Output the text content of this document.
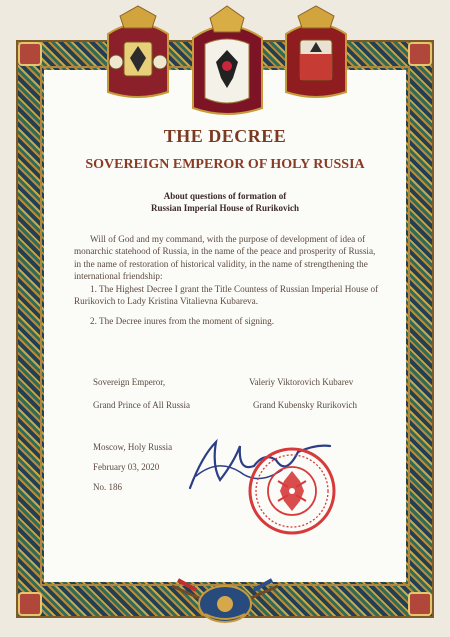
THE DECREE
SOVEREIGN EMPEROR OF HOLY RUSSIA
About questions of formation of
Russian Imperial House of Rurikovich
Will of God and my command, with the purpose of development of idea of monarchic statehood of Russia, in the name of the peace and prosperity of Russia, in the name of restoration of historical validity, in the name of strengthening the international friendship:
1. The Highest Decree I grant the Title Countess of Russian Imperial House of Rurikovich to Lady Kristina Vitalievna Kubareva.
2. The Decree inures from the moment of signing.
Sovereign Emperor,
Grand Prince of All Russia
Valeriy Viktorovich Kubarev
Grand Kubensky Rurikovich
Moscow, Holy Russia
February 03, 2020
No. 186
